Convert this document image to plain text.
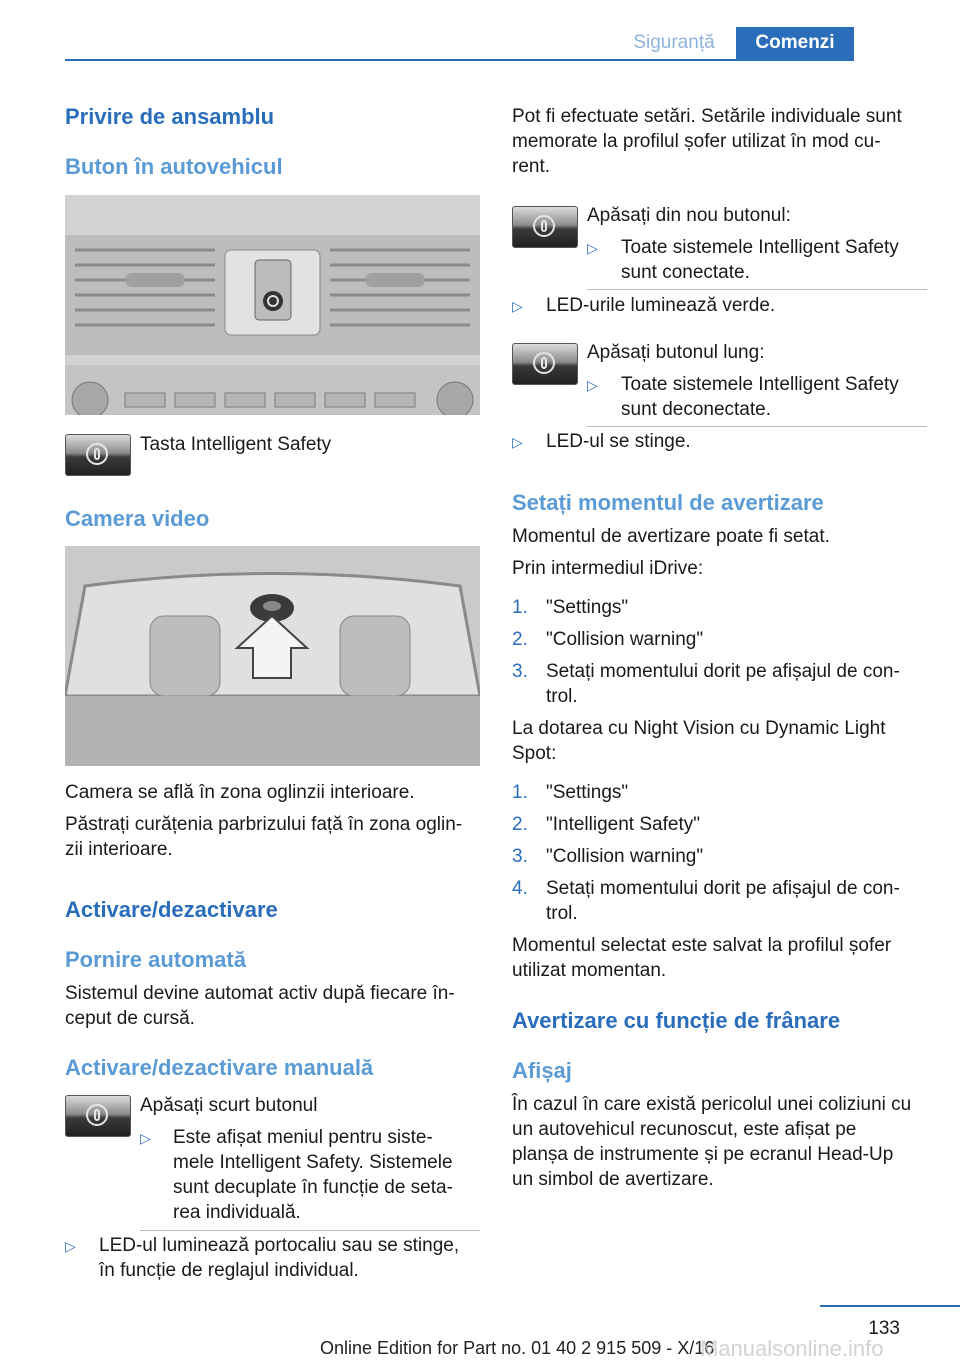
Siguranță	Comenzi
Privire de ansamblu
Buton în autovehicul
Tasta Intelligent Safety
Camera video
Camera se află în zona oglinzii interioare.
Păstrați curățenia parbrizului față în zona oglin‐
zii interioare.
Activare/dezactivare
Pornire automată
Sistemul devine automat activ după fiecare în‐
ceput de cursă.
Activare/dezactivare manuală
Apăsați scurt butonul
▷ Este afișat meniul pentru siste‐
mele Intelligent Safety. Sistemele
sunt decuplate în funcție de seta‐
rea individuală.
▷ LED-ul luminează portocaliu sau se stinge,
în funcție de reglajul individual.
Pot fi efectuate setări. Setările individuale sunt
memorate la profilul șofer utilizat în mod cu‐
rent.
Apăsați din nou butonul:
▷ Toate sistemele Intelligent Safety
sunt conectate.
▷ LED-urile luminează verde.
Apăsați butonul lung:
▷ Toate sistemele Intelligent Safety
sunt deconectate.
▷ LED-ul se stinge.
Setați momentul de avertizare
Momentul de avertizare poate fi setat.
Prin intermediul iDrive:
1. "Settings"
2. "Collision warning"
3. Setați momentului dorit pe afișajul de con‐
trol.
La dotarea cu Night Vision cu Dynamic Light
Spot:
1. "Settings"
2. "Intelligent Safety"
3. "Collision warning"
4. Setați momentului dorit pe afișajul de con‐
trol.
Momentul selectat este salvat la profilul șofer
utilizat momentan.
Avertizare cu funcție de frânare
Afișaj
În cazul în care există pericolul unei coliziuni cu
un autovehicul recunoscut, este afișat pe
planșa de instrumente și pe ecranul Head-Up
un simbol de avertizare.
133
Online Edition for Part no. 01 40 2 915 509 - X/16
Manualsonline.info
